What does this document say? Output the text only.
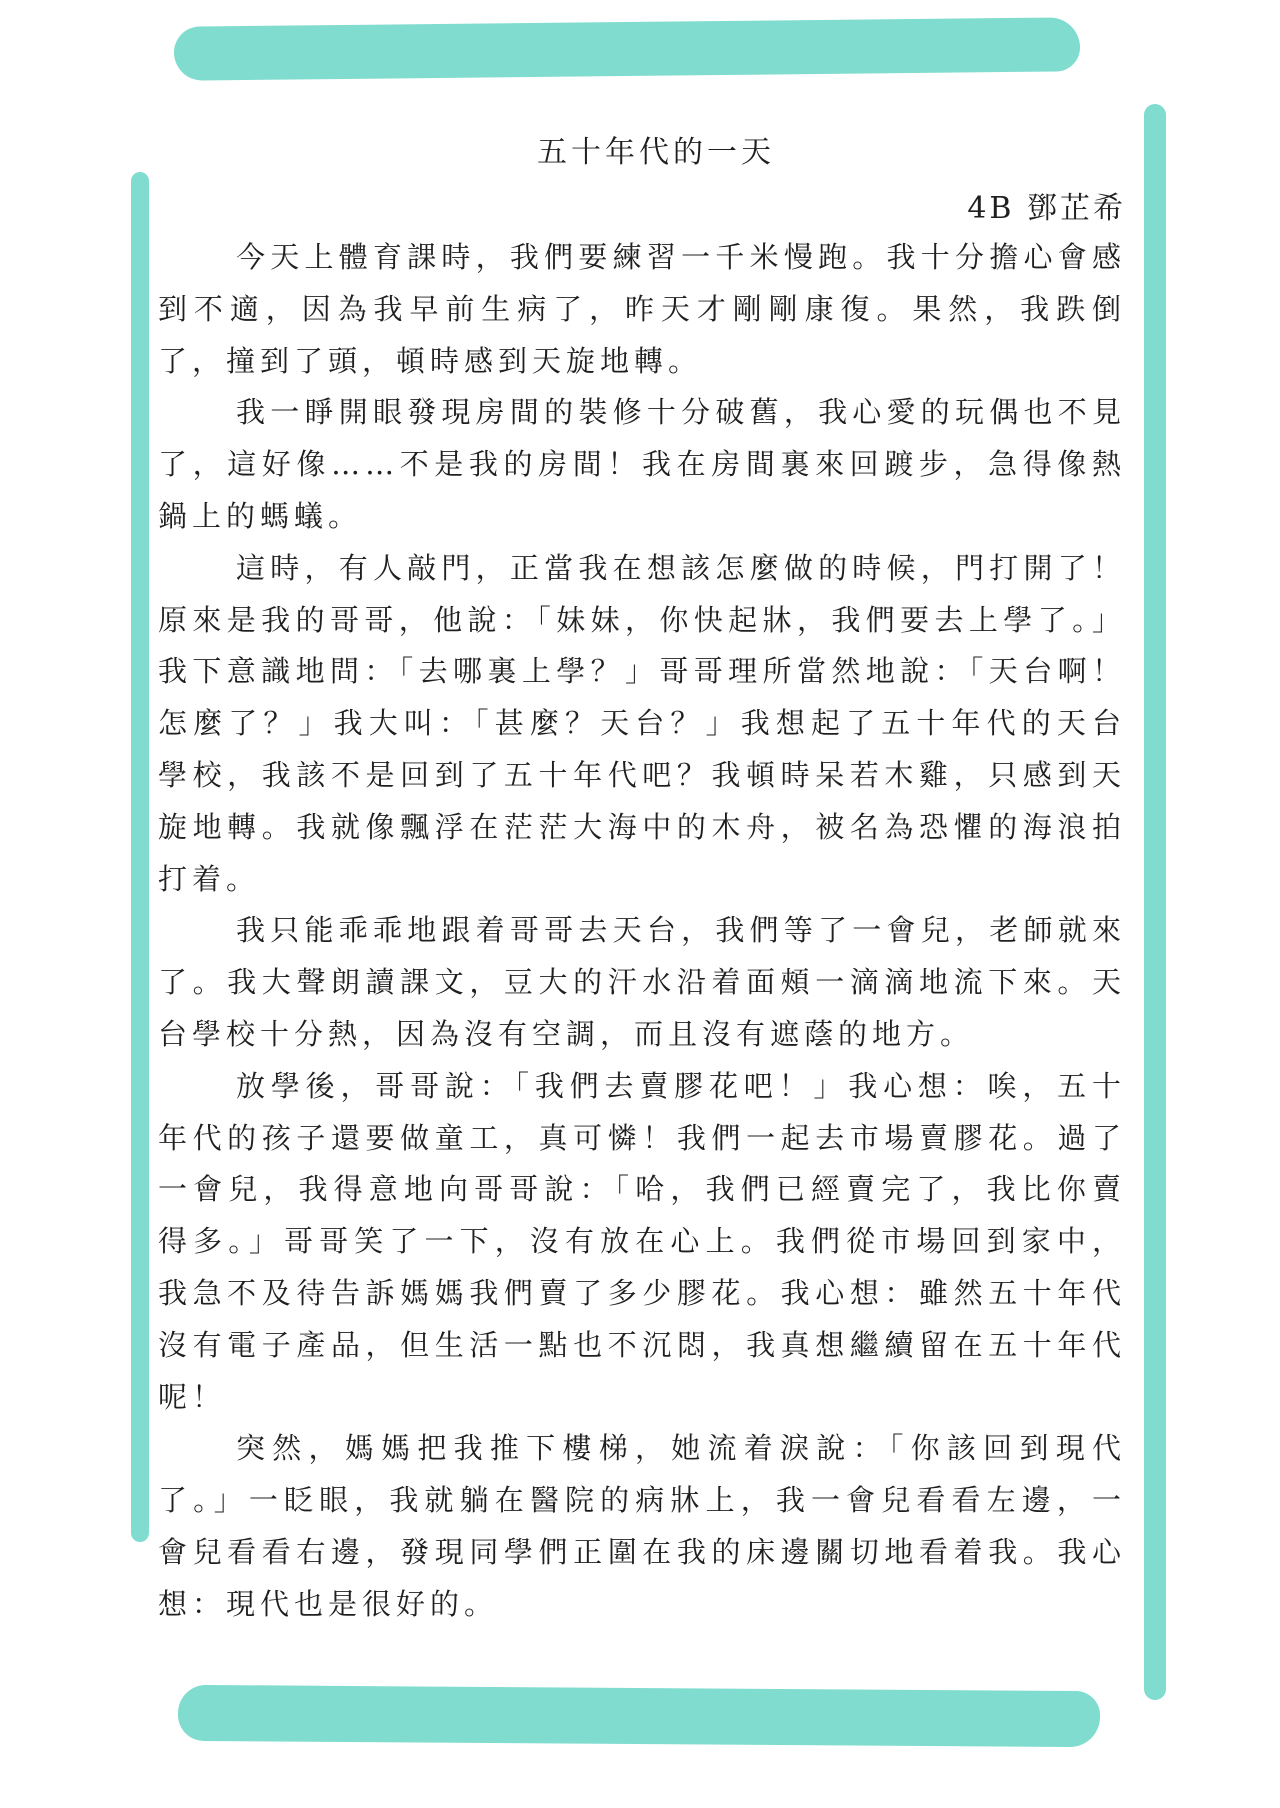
五十年代的一天
4B 鄧芷希

今天上體育課時，我們要練習一千米慢跑。我十分擔心會感到不適，因為我早前生病了，昨天才剛剛康復。果然，我跌倒了，撞到了頭，頓時感到天旋地轉。

我一睜開眼發現房間的裝修十分破舊，我心愛的玩偶也不見了，這好像……不是我的房間！我在房間裏來回踱步，急得像熱鍋上的螞蟻。

這時，有人敲門，正當我在想該怎麼做的時候，門打開了！原來是我的哥哥，他說：「妹妹，你快起牀，我們要去上學了。」我下意識地問：「去哪裏上學？」哥哥理所當然地說：「天台啊！怎麼了？」我大叫：「甚麼？天台？」我想起了五十年代的天台學校，我該不是回到了五十年代吧？我頓時呆若木雞，只感到天旋地轉。我就像飄浮在茫茫大海中的木舟，被名為恐懼的海浪拍打着。

我只能乖乖地跟着哥哥去天台，我們等了一會兒，老師就來了。我大聲朗讀課文，豆大的汗水沿着面頰一滴滴地流下來。天台學校十分熱，因為沒有空調，而且沒有遮蔭的地方。

放學後，哥哥說：「我們去賣膠花吧！」我心想：唉，五十年代的孩子還要做童工，真可憐！我們一起去市場賣膠花。過了一會兒，我得意地向哥哥說：「哈，我們已經賣完了，我比你賣得多。」哥哥笑了一下，沒有放在心上。我們從市場回到家中，我急不及待告訴媽媽我們賣了多少膠花。我心想：雖然五十年代沒有電子產品，但生活一點也不沉悶，我真想繼續留在五十年代呢！

突然，媽媽把我推下樓梯，她流着淚說：「你該回到現代了。」一眨眼，我就躺在醫院的病牀上，我一會兒看看左邊，一會兒看看右邊，發現同學們正圍在我的床邊關切地看着我。我心想：現代也是很好的。
